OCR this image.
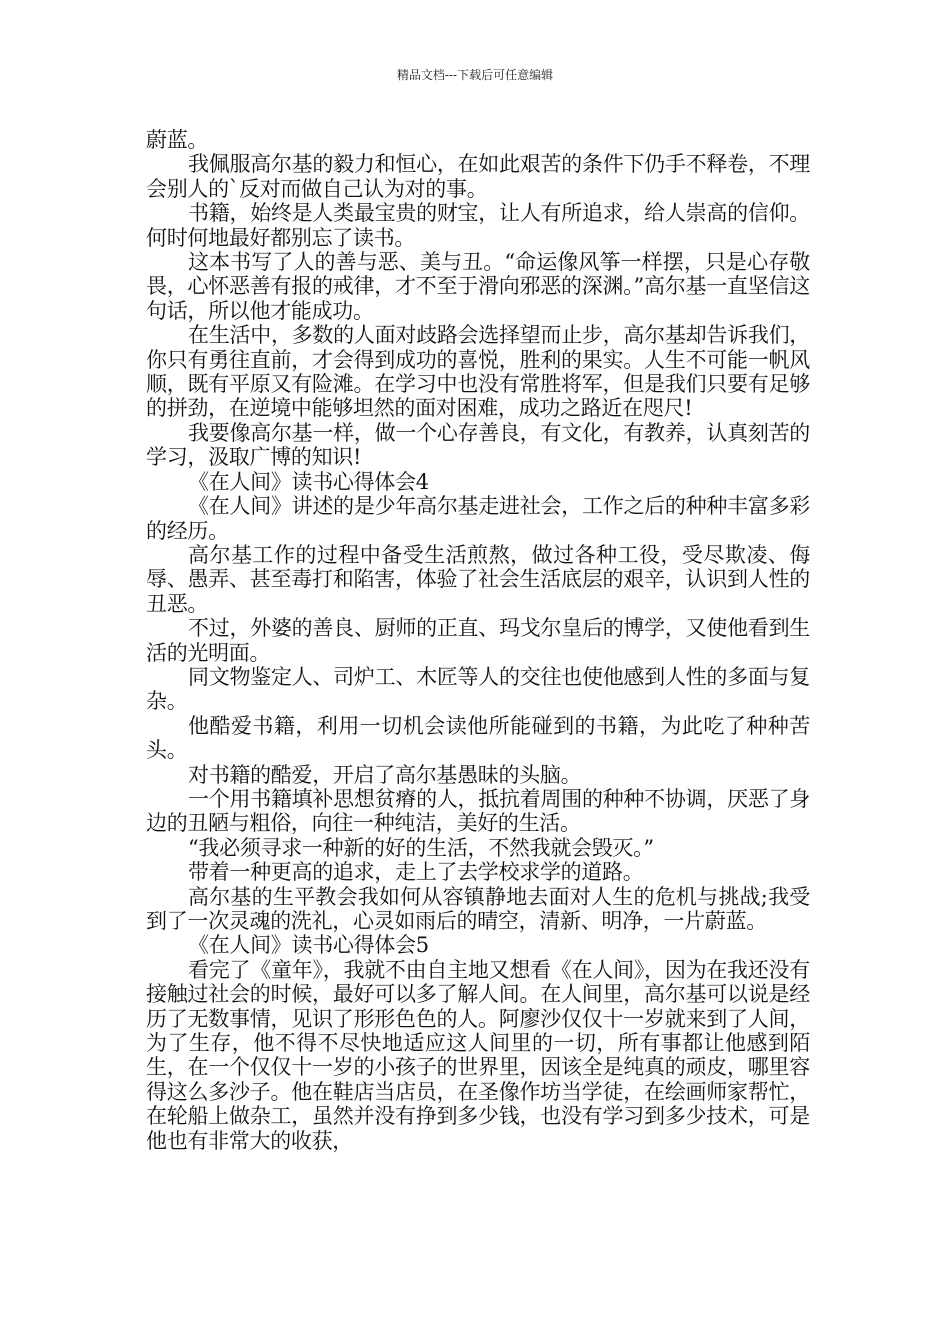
精品文档---下载后可任意编辑

蔚蓝。

我佩服高尔基的毅力和恒心，在如此艰苦的条件下仍手不释卷，不理会别人的`反对而做自己认为对的事。

书籍，始终是人类最宝贵的财宝，让人有所追求，给人崇高的信仰。何时何地最好都别忘了读书。

这本书写了人的善与恶、美与丑。“命运像风筝一样摆，只是心存敬畏，心怀恶善有报的戒律，才不至于滑向邪恶的深渊。”高尔基一直坚信这句话，所以他才能成功。

在生活中，多数的人面对歧路会选择望而止步，高尔基却告诉我们，你只有勇往直前，才会得到成功的喜悦，胜利的果实。人生不可能一帆风顺，既有平原又有险滩。在学习中也没有常胜将军，但是我们只要有足够的拼劲，在逆境中能够坦然的面对困难，成功之路近在咫尺!

我要像高尔基一样，做一个心存善良，有文化，有教养，认真刻苦的学习，汲取广博的知识!

《在人间》读书心得体会4

《在人间》讲述的是少年高尔基走进社会，工作之后的种种丰富多彩的经历。

高尔基工作的过程中备受生活煎熬，做过各种工役，受尽欺凌、侮辱、愚弄、甚至毒打和陷害，体验了社会生活底层的艰辛，认识到人性的丑恶。

不过，外婆的善良、厨师的正直、玛戈尔皇后的博学，又使他看到生活的光明面。

同文物鉴定人、司炉工、木匠等人的交往也使他感到人性的多面与复杂。

他酷爱书籍，利用一切机会读他所能碰到的书籍，为此吃了种种苦头。

对书籍的酷爱，开启了高尔基愚昧的头脑。

一个用书籍填补思想贫瘠的人，抵抗着周围的种种不协调，厌恶了身边的丑陋与粗俗，向往一种纯洁，美好的生活。

“我必须寻求一种新的好的生活，不然我就会毁灭。”

带着一种更高的追求，走上了去学校求学的道路。

高尔基的生平教会我如何从容镇静地去面对人生的危机与挑战;我受到了一次灵魂的洗礼，心灵如雨后的晴空，清新、明净，一片蔚蓝。

《在人间》读书心得体会5

看完了《童年》，我就不由自主地又想看《在人间》，因为在我还没有接触过社会的时候，最好可以多了解人间。在人间里，高尔基可以说是经历了无数事情，见识了形形色色的人。阿廖沙仅仅十一岁就来到了人间，为了生存，他不得不尽快地适应这人间里的一切，所有事都让他感到陌生，在一个仅仅十一岁的小孩子的世界里，因该全是纯真的顽皮，哪里容得这么多沙子。他在鞋店当店员，在圣像作坊当学徒，在绘画师家帮忙，在轮船上做杂工，虽然并没有挣到多少钱，也没有学习到多少技术，可是他也有非常大的收获，
